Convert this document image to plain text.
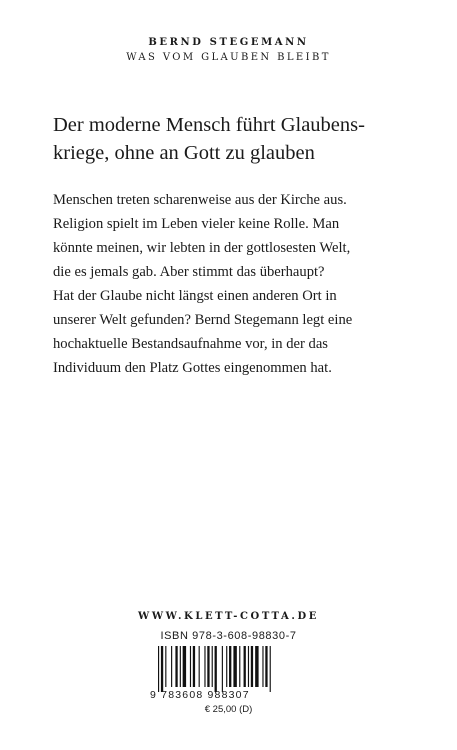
BERND STEGEMANN
WAS VOM GLAUBEN BLEIBT
Der moderne Mensch führt Glaubens-
kriege, ohne an Gott zu glauben
Menschen treten scharenweise aus der Kirche aus.
Religion spielt im Leben vieler keine Rolle. Man
könnte meinen, wir lebten in der gottlosesten Welt,
die es jemals gab. Aber stimmt das überhaupt?
Hat der Glaube nicht längst einen anderen Ort in
unserer Welt gefunden? Bernd Stegemann legt eine
hochaktuelle Bestandsaufnahme vor, in der das
Individuum den Platz Gottes eingenommen hat.
WWW.KLETT-COTTA.DE
ISBN 978-3-608-98830-7
9 783608 988307
€ 25,00 (D)
